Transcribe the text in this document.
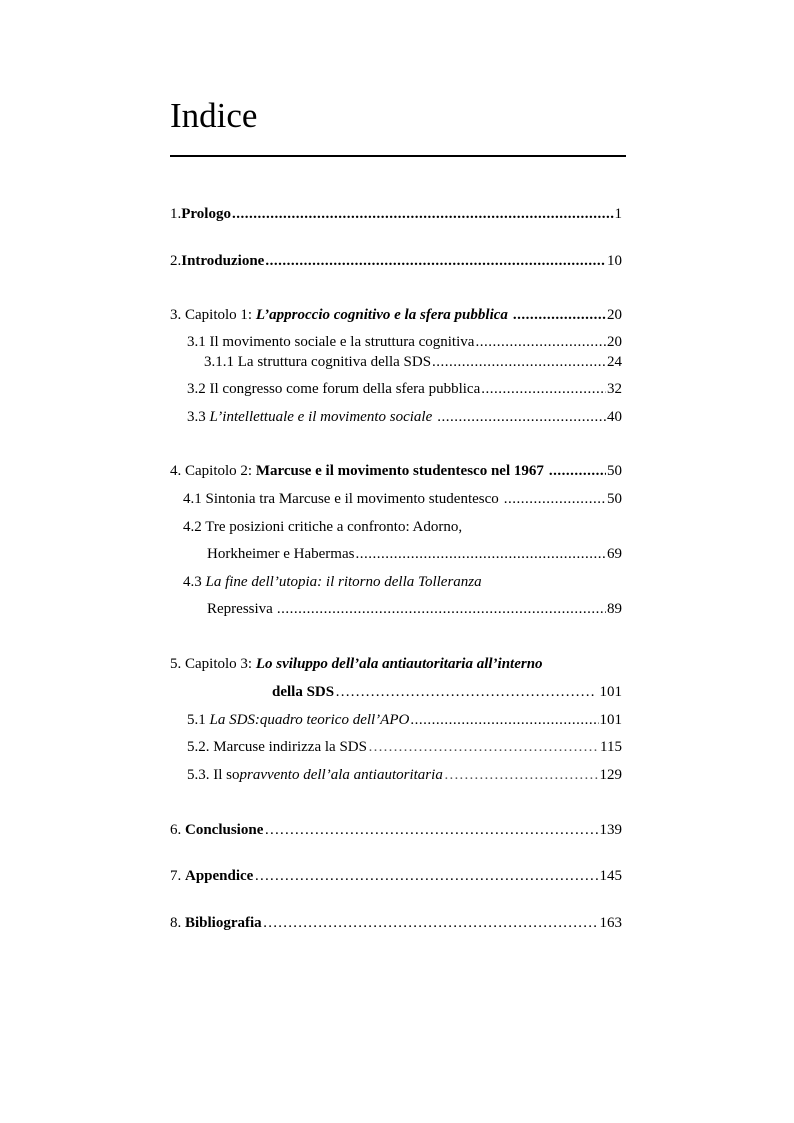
Indice
1. Prologo .....	1
2. Introduzione .....	10
3. Capitolo 1: L’approccio cognitivo e la sfera pubblica .....	20
3.1 Il movimento sociale e la struttura cognitiva .....	20
3.1.1 La struttura cognitiva della SDS .....	24
3.2 Il congresso come forum della sfera pubblica .....	32
3.3 L’intellettuale e il movimento sociale .....	40
4. Capitolo 2: Marcuse e il movimento studentesco nel 1967 .....	50
4.1 Sintonia tra Marcuse e il movimento studentesco .....	50
4.2 Tre posizioni critiche a confronto: Adorno,
Horkheimer e Habermas .....	69
4.3 La fine dell’utopia: il ritorno della Tolleranza
Repressiva .....	89
5. Capitolo 3: Lo sviluppo dell’ala antiautoritaria all’interno
della SDS ………………………………………………………………………………………………………………………………………………………	101
5.1 La SDS:quadro teorico dell’APO .....	101
5.2. Marcuse indirizza la SDS ………………………………………………………………………………………………………………………………………………………	115
5.3. Il so pravvento dell’ala antiautoritaria ………………………………………………………………………………………………………………………………………………………	129
6. Conclusione ………………………………………………………………………………………………………………………………………………………	139
7. Appendice ………………………………………………………………………………………………………………………………………………………	145
8. Bibliografia ………………………………………………………………………………………………………………………………………………………	163
